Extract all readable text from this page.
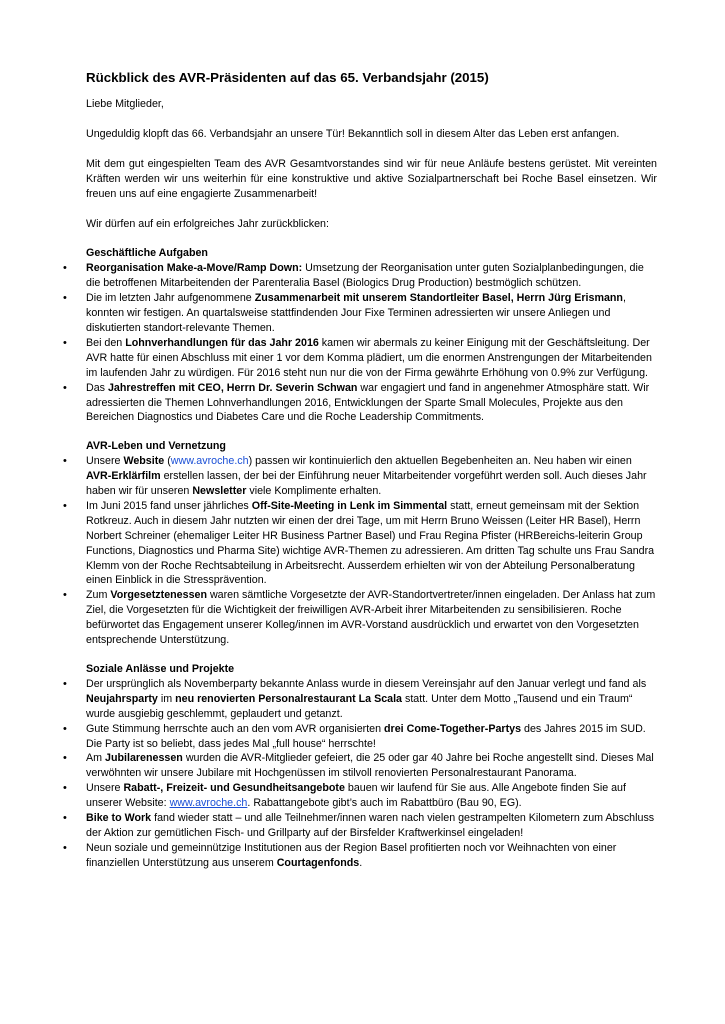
Rückblick des AVR-Präsidenten auf das 65. Verbandsjahr (2015)

Liebe Mitglieder,

Ungeduldig klopft das 66. Verbandsjahr an unsere Tür! Bekanntlich soll in diesem Alter das Leben erst anfangen.

Mit dem gut eingespielten Team des AVR Gesamtvorstandes sind wir für neue Anläufe bestens gerüstet. Mit vereinten Kräften werden wir uns weiterhin für eine konstruktive und aktive Sozialpartnerschaft bei Roche Basel einsetzen. Wir freuen uns auf eine engagierte Zusammenarbeit!

Wir dürfen auf ein erfolgreiches Jahr zurückblicken:

Geschäftliche Aufgaben
• Reorganisation Make-a-Move/Ramp Down: Umsetzung der Reorganisation unter guten Sozialplanbedingungen, die die betroffenen Mitarbeitenden der Parenteralia Basel (Biologics Drug Production) bestmöglich schützen.
• Die im letzten Jahr aufgenommene Zusammenarbeit mit unserem Standortleiter Basel, Herrn Jürg Erismann, konnten wir festigen. An quartalsweise stattfindenden Jour Fixe Terminen adressierten wir unsere Anliegen und diskutierten standort-relevante Themen.
• Bei den Lohnverhandlungen für das Jahr 2016 kamen wir abermals zu keiner Einigung mit der Geschäftsleitung. Der AVR hatte für einen Abschluss mit einer 1 vor dem Komma plädiert, um die enormen Anstrengungen der Mitarbeitenden im laufenden Jahr zu würdigen. Für 2016 steht nun nur die von der Firma gewährte Erhöhung von 0.9% zur Verfügung.
• Das Jahrestreffen mit CEO, Herrn Dr. Severin Schwan war engagiert und fand in angenehmer Atmosphäre statt. Wir adressierten die Themen Lohnverhandlungen 2016, Entwicklungen der Sparte Small Molecules, Projekte aus den Bereichen Diagnostics und Diabetes Care und die Roche Leadership Commitments.
AVR-Leben und Vernetzung
• Unsere Website (www.avroche.ch) passen wir kontinuierlich den aktuellen Begebenheiten an. Neu haben wir einen AVR-Erklärfilm erstellen lassen, der bei der Einführung neuer Mitarbeitender vorgeführt werden soll. Auch dieses Jahr haben wir für unseren Newsletter viele Komplimente erhalten.
• Im Juni 2015 fand unser jährliches Off-Site-Meeting in Lenk im Simmental statt, erneut gemeinsam mit der Sektion Rotkreuz. Auch in diesem Jahr nutzten wir einen der drei Tage, um mit Herrn Bruno Weissen (Leiter HR Basel), Herrn Norbert Schreiner (ehemaliger Leiter HR Business Partner Basel) und Frau Regina Pfister (HRBereichs-leiterin Group Functions, Diagnostics und Pharma Site) wichtige AVR-Themen zu adressieren. Am dritten Tag schulte uns Frau Sandra Klemm von der Roche Rechtsabteilung in Arbeitsrecht. Ausserdem erhielten wir von der Abteilung Personalberatung einen Einblick in die Stressprävention.
• Zum Vorgesetztenessen waren sämtliche Vorgesetzte der AVR-Standortvertreter/innen eingeladen. Der Anlass hat zum Ziel, die Vorgesetzten für die Wichtigkeit der freiwilligen AVR-Arbeit ihrer Mitarbeitenden zu sensibilisieren. Roche befürwortet das Engagement unserer Kolleg/innen im AVR-Vorstand ausdrücklich und erwartet von den Vorgesetzten entsprechende Unterstützung.
Soziale Anlässe und Projekte
• Der ursprünglich als Novemberparty bekannte Anlass wurde in diesem Vereinsjahr auf den Januar verlegt und fand als Neujahrsparty im neu renovierten Personalrestaurant La Scala statt. Unter dem Motto „Tausend und ein Traum“ wurde ausgiebig geschlemmt, geplaudert und getanzt.
• Gute Stimmung herrschte auch an den vom AVR organisierten drei Come-Together-Partys des Jahres 2015 im SUD. Die Party ist so beliebt, dass jedes Mal „full house“ herrschte!
• Am Jubilarenessen wurden die AVR-Mitglieder gefeiert, die 25 oder gar 40 Jahre bei Roche angestellt sind. Dieses Mal verwöhnten wir unsere Jubilare mit Hochgenüssen im stilvoll renovierten Personalrestaurant Panorama.
• Unsere Rabatt-, Freizeit- und Gesundheitsangebote bauen wir laufend für Sie aus. Alle Angebote finden Sie auf unserer Website: www.avroche.ch. Rabattangebote gibt’s auch im Rabattbüro (Bau 90, EG).
• Bike to Work fand wieder statt – und alle Teilnehmer/innen waren nach vielen gestrampelten Kilometern zum Abschluss der Aktion zur gemütlichen Fisch- und Grillparty auf der Birsfelder Kraftwerkinsel eingeladen!
• Neun soziale und gemeinnützige Institutionen aus der Region Basel profitierten noch vor Weihnachten von einer finanziellen Unterstützung aus unserem Courtagenfonds.
